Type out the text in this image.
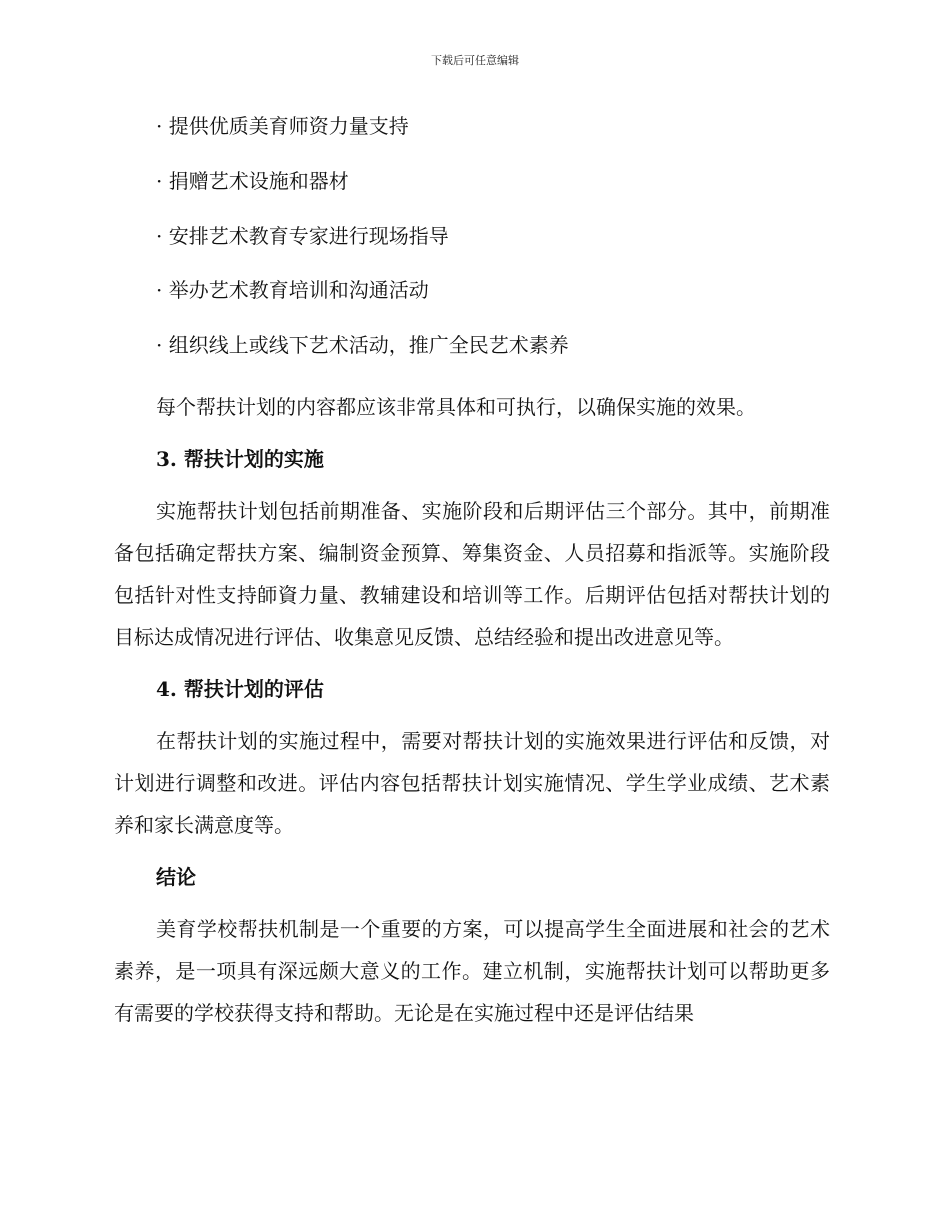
下载后可任意编辑

· 提供优质美育师资力量支持

· 捐赠艺术设施和器材

· 安排艺术教育专家进行现场指导

· 举办艺术教育培训和沟通活动

· 组织线上或线下艺术活动，推广全民艺术素养

每个帮扶计划的内容都应该非常具体和可执行，以确保实施的效果。

3. 帮扶计划的实施

实施帮扶计划包括前期准备、实施阶段和后期评估三个部分。其中，前期准备包括确定帮扶方案、编制资金预算、筹集资金、人员招募和指派等。实施阶段包括针对性支持師資力量、教辅建设和培训等工作。后期评估包括对帮扶计划的目标达成情况进行评估、收集意见反馈、总结经验和提出改进意见等。

4. 帮扶计划的评估

在帮扶计划的实施过程中，需要对帮扶计划的实施效果进行评估和反馈，对计划进行调整和改进。评估内容包括帮扶计划实施情况、学生学业成绩、艺术素养和家长满意度等。

结论

美育学校帮扶机制是一个重要的方案，可以提高学生全面进展和社会的艺术素养，是一项具有深远颇大意义的工作。建立机制，实施帮扶计划可以帮助更多有需要的学校获得支持和帮助。无论是在实施过程中还是评估结果
